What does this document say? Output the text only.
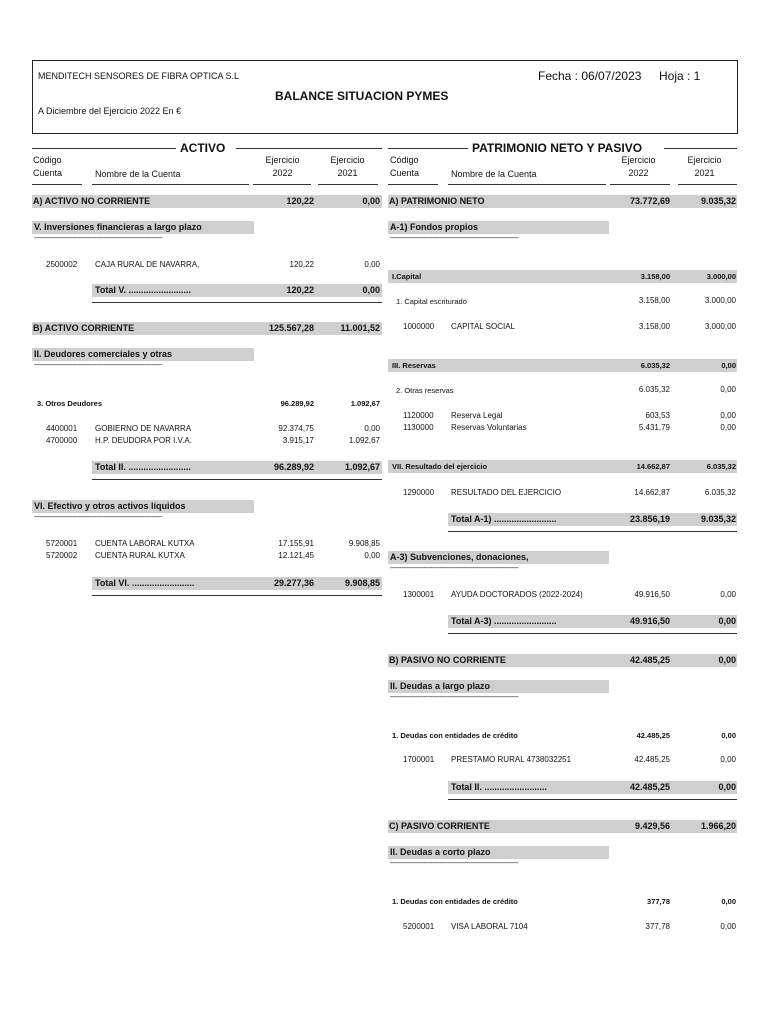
MENDITECH SENSORES DE FIBRA OPTICA S.L	Fecha : 06/07/2023 Hoja : 1
BALANCE SITUACION PYMES
A Diciembre del Ejercicio 2022 En €
ACTIVO
Código
Cuenta	Nombre de la Cuenta
Ejercicio
2022
Ejercicio
2021
PATRIMONIO NETO Y PASIVO
Código
Cuenta	Nombre de la Cuenta
Ejercicio
2022
Ejercicio
2021
A) ACTIVO NO CORRIENTE	120,22	0,00
V. Inversiones financieras a largo plazo
----------------------------------------------------------------------
2500002 CAJA RURAL DE NAVARRA,	120,22	0,00
Total V. .........................	120,22	0,00
B) ACTIVO CORRIENTE	125.567,28	11.001,52
II. Deudores comerciales y otras
----------------------------------------------------------------------
3. Otros Deudores	96.289,92	1.092,67
4400001 GOBIERNO DE NAVARRA	92.374,75	0,00
4700000 H.P. DEUDORA POR I.V.A.	3.915,17	1.092,67
Total II. .........................	96.289,92	1.092,67
VI. Efectivo y otros activos líquidos
----------------------------------------------------------------------
5720001 CUENTA LABORAL KUTXA	17.155,91	9.908,85
5720002 CUENTA RURAL KUTXA	12.121,45	0,00
Total VI. .........................	29.277,36	9.908,85
A) PATRIMONIO NETO	73.772,69	9.035,32
A-1) Fondos propios
----------------------------------------------------------------------
I.Capital	3.158,00	3.000,00
1. Capital escriturado	3.158,00	3.000,00
1000000 CAPITAL SOCIAL	3.158,00	3.000,00
III. Reservas	6.035,32	0,00
2. Otras reservas	6.035,32	0,00
1120000 Reserva Legal	603,53	0,00
1130000 Reservas Voluntarias	5.431,79	0,00
VII. Resultado del ejercicio	14.662,87	6.035,32
1290000 RESULTADO DEL EJERCICIO	14.662,87	6.035,32
Total A-1) .........................	23.856,19	9.035,32
A-3) Subvenciones, donaciones,
----------------------------------------------------------------------
1300001 AYUDA DOCTORADOS (2022-2024)	49.916,50	0,00
Total A-3) .........................	49.916,50	0,00
B) PASIVO NO CORRIENTE	42.485,25	0,00
II. Deudas a largo plazo
----------------------------------------------------------------------
1. Deudas con entidades de crédito	42.485,25	0,00
1700001 PRESTAMO RURAL 4738032251	42.485,25	0,00
Total II. .........................	42.485,25	0,00
C) PASIVO CORRIENTE	9.429,56	1.966,20
II. Deudas a corto plazo
----------------------------------------------------------------------
1. Deudas con entidades de crédito	377,78	0,00
5200001 VISA LABORAL 7104	377,78	0,00
